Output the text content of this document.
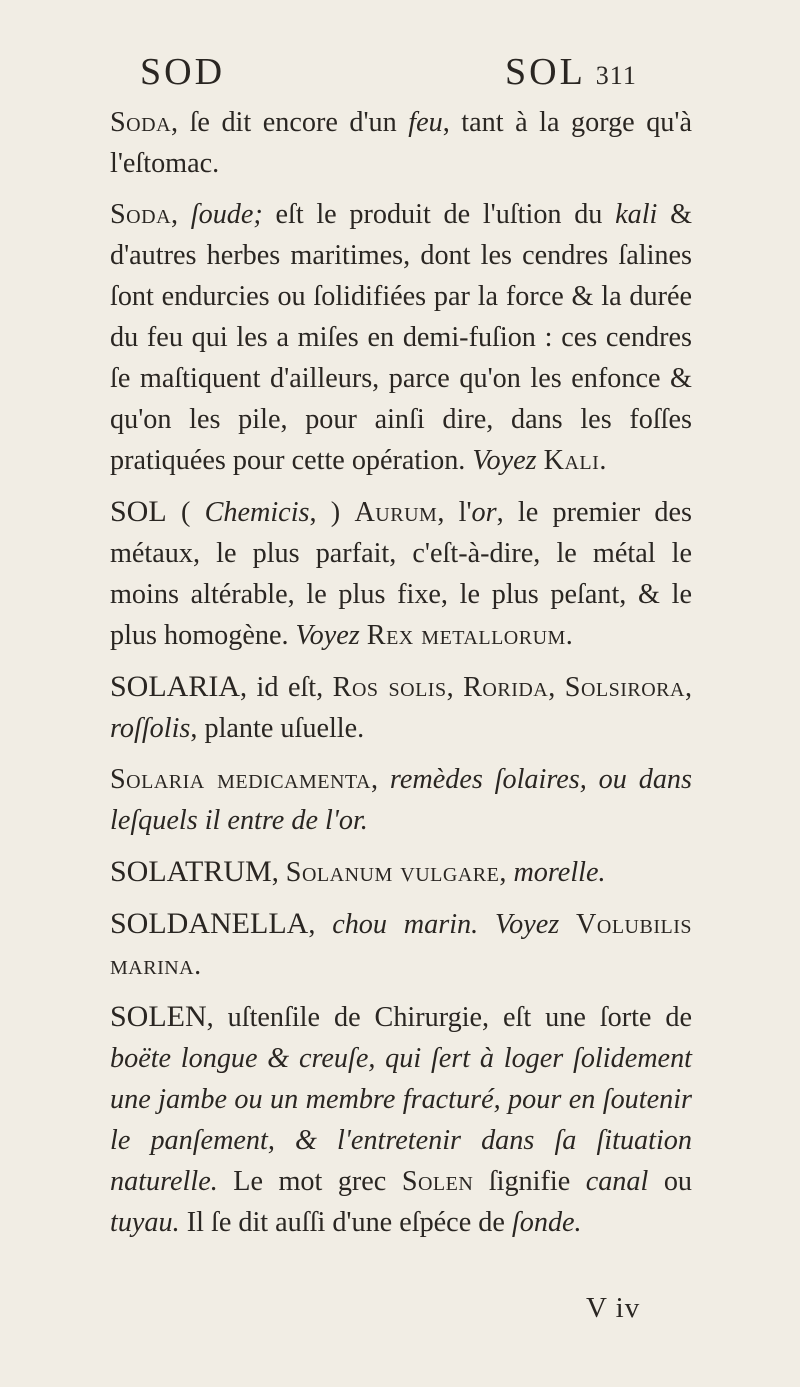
SOD	SOL 311

Soda, ſe dit encore d'un feu, tant à la gorge qu'à l'eſtomac.

Soda, ſoude; eſt le produit de l'uſtion du kali & d'autres herbes maritimes, dont les cendres ſalines ſont endurcies ou ſolidifiées par la force & la durée du feu qui les a miſes en demi-fuſion : ces cendres ſe maſtiquent d'ailleurs, parce qu'on les enfonce & qu'on les pile, pour ainſi dire, dans les foſſes pratiquées pour cette opération. Voyez Kali.

SOL ( Chemicis, ) Aurum, l'or, le premier des métaux, le plus parfait, c'eſt-à-dire, le métal le moins altérable, le plus fixe, le plus peſant, & le plus homogène. Voyez Rex metallorum.

SOLARIA, id eſt, Ros solis, Rorida, Solsirora, roſſolis, plante uſuelle.

Solaria medicamenta, remèdes ſolaires, ou dans leſquels il entre de l'or.

SOLATRUM, Solanum vulgare, morelle.

SOLDANELLA, chou marin. Voyez Volubilis marina.

SOLEN, uſtenſile de Chirurgie, eſt une ſorte de boëte longue & creuſe, qui ſert à loger ſolidement une jambe ou un membre fracturé, pour en ſoutenir le panſement, & l'entretenir dans ſa ſituation naturelle. Le mot grec Solen ſignifie canal ou tuyau. Il ſe dit auſſi d'une eſpéce de ſonde.

V iv
